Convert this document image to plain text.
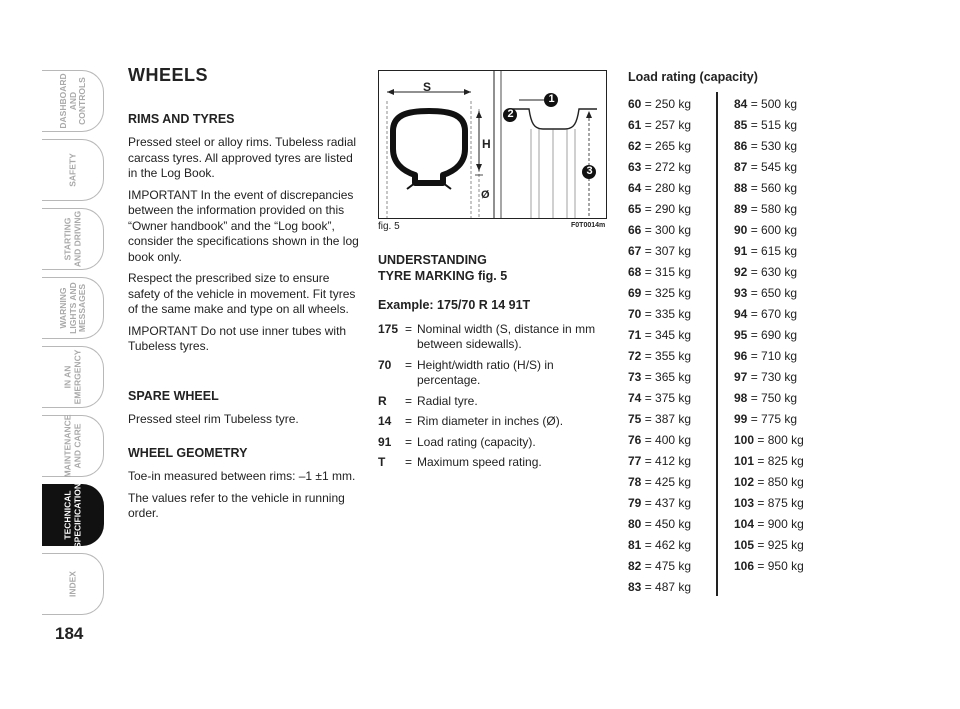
DASHBOARD
AND CONTROLS
SAFETY
STARTING
AND DRIVING
WARNING
LIGHTS AND
MESSAGES
IN AN
EMERGENCY
MAINTENANCE
AND CARE
TECHNICAL
SPECIFICATIONS
INDEX
184
WHEELS
RIMS AND TYRES

Pressed steel or alloy rims. Tubeless radial carcass tyres. All approved tyres are listed in the Log Book.

IMPORTANT In the event of discrepancies between the information provided on this “Owner handbook” and the “Log book”, consider the specifications shown in the log book only.

Respect the prescribed size to ensure safety of the vehicle in movement. Fit tyres of the same make and type on all wheels.

IMPORTANT Do not use inner tubes with Tubeless tyres.

SPARE WHEEL

Pressed steel rim Tubeless tyre.

WHEEL GEOMETRY

Toe-in measured between rims: –1 ±1 mm.

The values refer to the vehicle in running order.

S
H
Ø
1
2
3
fig. 5	F0T0014m
UNDERSTANDING
TYRE MARKING fig. 5
Example: 175/70 R 14 91T
175 = Nominal width (S, distance in mm between sidewalls).
70	= Height/width ratio (H/S) in percentage.
R	= Radial tyre.
14	= Rim diameter in inches (Ø).
91	= Load rating (capacity).
T	= Maximum speed rating.
Load rating (capacity)
60 = 250 kg
61 = 257 kg
62 = 265 kg
63 = 272 kg
64 = 280 kg
65 = 290 kg
66 = 300 kg
67 = 307 kg
68 = 315 kg
69 = 325 kg
70 = 335 kg
71 = 345 kg
72 = 355 kg
73 = 365 kg
74 = 375 kg
75 = 387 kg
76 = 400 kg
77 = 412 kg
78 = 425 kg
79 = 437 kg
80 = 450 kg
81 = 462 kg
82 = 475 kg
83 = 487 kg
84 = 500 kg
85 = 515 kg
86 = 530 kg
87 = 545 kg
88 = 560 kg
89 = 580 kg
90 = 600 kg
91 = 615 kg
92 = 630 kg
93 = 650 kg
94 = 670 kg
95 = 690 kg
96 = 710 kg
97 = 730 kg
98 = 750 kg
99 = 775 kg
100 = 800 kg
101 = 825 kg
102 = 850 kg
103 = 875 kg
104 = 900 kg
105 = 925 kg
106 = 950 kg
